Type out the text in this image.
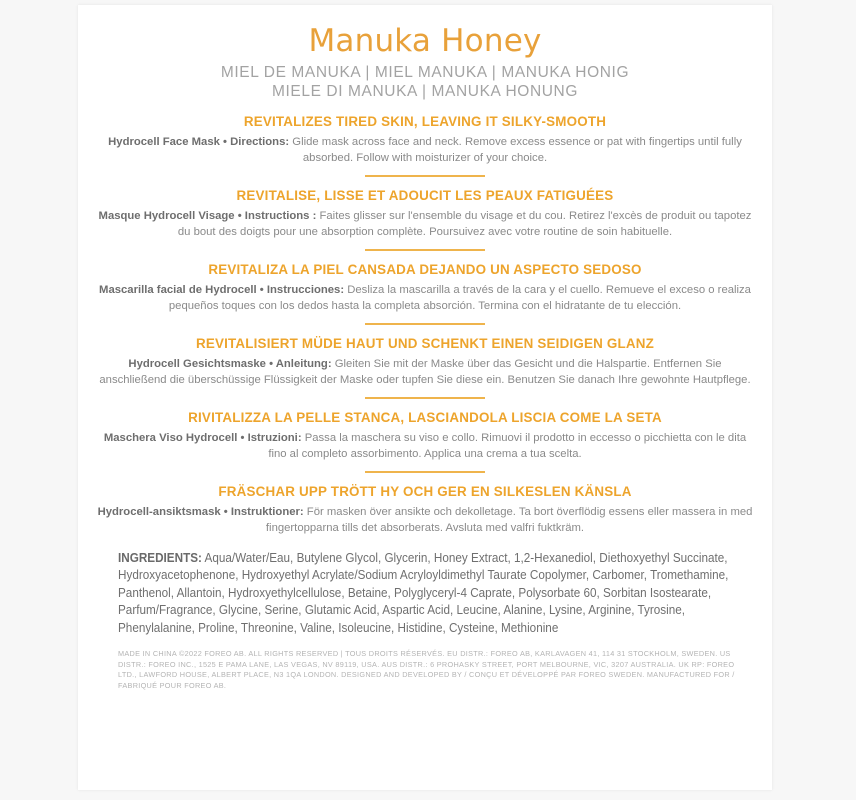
Manuka Honey
MIEL DE MANUKA | MIEL MANUKA | MANUKA HONIG
MIELE DI MANUKA | MANUKA HONUNG
REVITALIZES TIRED SKIN, LEAVING IT SILKY-SMOOTH
Hydrocell Face Mask • Directions: Glide mask across face and neck. Remove excess essence or pat with fingertips until fully absorbed. Follow with moisturizer of your choice.
REVITALISE, LISSE ET ADOUCIT LES PEAUX FATIGUÉES
Masque Hydrocell Visage • Instructions : Faites glisser sur l'ensemble du visage et du cou. Retirez l'excès de produit ou tapotez du bout des doigts pour une absorption complète. Poursuivez avec votre routine de soin habituelle.
REVITALIZA LA PIEL CANSADA DEJANDO UN ASPECTO SEDOSO
Mascarilla facial de Hydrocell • Instrucciones: Desliza la mascarilla a través de la cara y el cuello. Remueve el exceso o realiza pequeños toques con los dedos hasta la completa absorción. Termina con el hidratante de tu elección.
REVITALISIERT MÜDE HAUT UND SCHENKT EINEN SEIDIGEN GLANZ
Hydrocell Gesichtsmaske • Anleitung: Gleiten Sie mit der Maske über das Gesicht und die Halspartie. Entfernen Sie anschließend die überschüssige Flüssigkeit der Maske oder tupfen Sie diese ein. Benutzen Sie danach Ihre gewohnte Hautpflege.
RIVITALIZZA LA PELLE STANCA, LASCIANDOLA LISCIA COME LA SETA
Maschera Viso Hydrocell • Istruzioni: Passa la maschera su viso e collo. Rimuovi il prodotto in eccesso o picchietta con le dita fino al completo assorbimento. Applica una crema a tua scelta.
FRÄSCHAR UPP TRÖTT HY OCH GER EN SILKESLEN KÄNSLA
Hydrocell-ansiktsmask • Instruktioner: För masken över ansikte och dekolletage. Ta bort överflödig essens eller massera in med fingertopparna tills det absorberats. Avsluta med valfri fuktkräm.
INGREDIENTS: Aqua/Water/Eau, Butylene Glycol, Glycerin, Honey Extract, 1,2-Hexanediol, Diethoxyethyl Succinate, Hydroxyacetophenone, Hydroxyethyl Acrylate/Sodium Acryloyldimethyl Taurate Copolymer, Carbomer, Tromethamine, Panthenol, Allantoin, Hydroxyethylcellulose, Betaine, Polyglyceryl-4 Caprate, Polysorbate 60, Sorbitan Isostearate, Parfum/Fragrance, Glycine, Serine, Glutamic Acid, Aspartic Acid, Leucine, Alanine, Lysine, Arginine, Tyrosine, Phenylalanine, Proline, Threonine, Valine, Isoleucine, Histidine, Cysteine, Methionine
MADE IN CHINA ©2022 FOREO AB. ALL RIGHTS RESERVED | TOUS DROITS RÉSERVÉS. EU DISTR.: FOREO AB, KARLAVAGEN 41, 114 31 STOCKHOLM, SWEDEN. US DISTR.: FOREO INC., 1525 E PAMA LANE, LAS VEGAS, NV 89119, USA. AUS DISTR.: 6 PROHASKY STREET, PORT MELBOURNE, VIC, 3207 AUSTRALIA. UK RP: FOREO LTD., LAWFORD HOUSE, ALBERT PLACE, N3 1QA LONDON. DESIGNED AND DEVELOPED BY / CONÇU ET DÉVELOPPÉ PAR FOREO SWEDEN. MANUFACTURED FOR / FABRIQUÉ POUR FOREO AB.
